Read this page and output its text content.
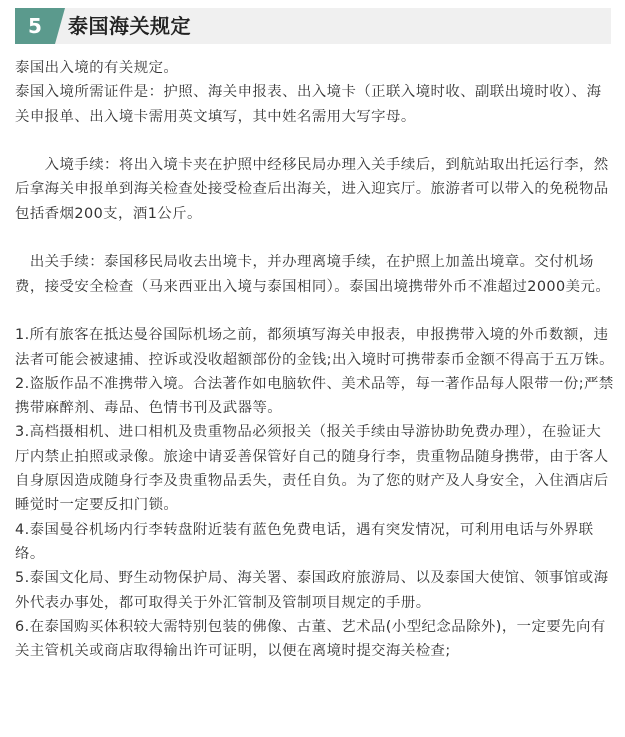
5 泰国海关规定

泰国出入境的有关规定。

泰国入境所需证件是：护照、海关申报表、出入境卡（正联入境时收、副联出境时收）、海关申报单、出入境卡需用英文填写，其中姓名需用大写字母。

　　入境手续：将出入境卡夹在护照中经移民局办理入关手续后，到航站取出托运行李，然后拿海关申报单到海关检查处接受检查后出海关，进入迎宾厅。旅游者可以带入的免税物品包括香烟200支，酒1公斤。

　出关手续：泰国移民局收去出境卡，并办理离境手续，在护照上加盖出境章。交付机场费，接受安全检查（马来西亚出入境与泰国相同）。泰国出境携带外币不准超过2000美元。

1.所有旅客在抵达曼谷国际机场之前，都须填写海关申报表，申报携带入境的外币数额，违法者可能会被逮捕、控诉或没收超额部份的金钱;出入境时可携带泰币金额不得高于五万铢。

2.盗版作品不准携带入境。合法著作如电脑软件、美术品等，每一著作品每人限带一份;严禁携带麻醉剂、毒品、色情书刊及武器等。

3.高档摄相机、进口相机及贵重物品必须报关（报关手续由导游协助免费办理），在验证大厅内禁止拍照或录像。旅途中请妥善保管好自己的随身行李，贵重物品随身携带，由于客人自身原因造成随身行李及贵重物品丢失，责任自负。为了您的财产及人身安全，入住酒店后睡觉时一定要反扣门锁。

4.泰国曼谷机场内行李转盘附近装有蓝色免费电话，遇有突发情况，可利用电话与外界联络。

5.泰国文化局、野生动物保护局、海关署、泰国政府旅游局、以及泰国大使馆、领事馆或海外代表办事处，都可取得关于外汇管制及管制项目规定的手册。

6.在泰国购买体积较大需特别包装的佛像、古董、艺术品(小型纪念品除外)，一定要先向有关主管机关或商店取得输出许可证明，以便在离境时提交海关检查;
